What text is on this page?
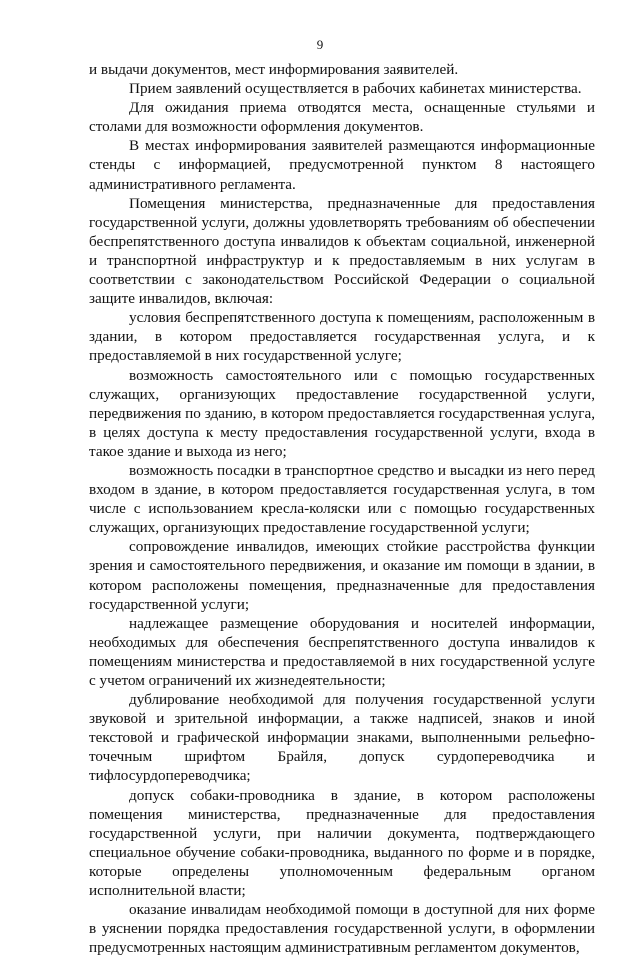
9

и выдачи документов, мест информирования заявителей.

Прием заявлений осуществляется в рабочих кабинетах министерства.

Для ожидания приема отводятся места, оснащенные стульями и столами для возможности оформления документов.

В местах информирования заявителей размещаются информационные стенды с информацией, предусмотренной пунктом 8 настоящего административного регламента.

Помещения министерства, предназначенные для предоставления государственной услуги, должны удовлетворять требованиям об обеспечении беспрепятственного доступа инвалидов к объектам социальной, инженерной и транспортной инфраструктур и к предоставляемым в них услугам в соответствии с законодательством Российской Федерации о социальной защите инвалидов, включая:

условия беспрепятственного доступа к помещениям, расположенным в здании, в котором предоставляется государственная услуга, и к предоставляемой в них государственной услуге;

возможность самостоятельного или с помощью государственных служащих, организующих предоставление государственной услуги, передвижения по зданию, в котором предоставляется государственная услуга, в целях доступа к месту предоставления государственной услуги, входа в такое здание и выхода из него;

возможность посадки в транспортное средство и высадки из него перед входом в здание, в котором предоставляется государственная услуга, в том числе с использованием кресла-коляски или с помощью государственных служащих, организующих предоставление государственной услуги;

сопровождение инвалидов, имеющих стойкие расстройства функции зрения и самостоятельного передвижения, и оказание им помощи в здании, в котором расположены помещения, предназначенные для предоставления государственной услуги;

надлежащее размещение оборудования и носителей информации, необходимых для обеспечения беспрепятственного доступа инвалидов к помещениям министерства и предоставляемой в них государственной услуге с учетом ограничений их жизнедеятельности;

дублирование необходимой для получения государственной услуги звуковой и зрительной информации, а также надписей, знаков и иной текстовой и графической информации знаками, выполненными рельефно-точечным шрифтом Брайля, допуск сурдопереводчика и тифлосурдопереводчика;

допуск собаки-проводника в здание, в котором расположены помещения министерства, предназначенные для предоставления государственной услуги, при наличии документа, подтверждающего специальное обучение собаки-проводника, выданного по форме и в порядке, которые определены уполномоченным федеральным органом исполнительной власти;

оказание инвалидам необходимой помощи в доступной для них форме в уяснении порядка предоставления государственной услуги, в оформлении предусмотренных настоящим административным регламентом документов,
